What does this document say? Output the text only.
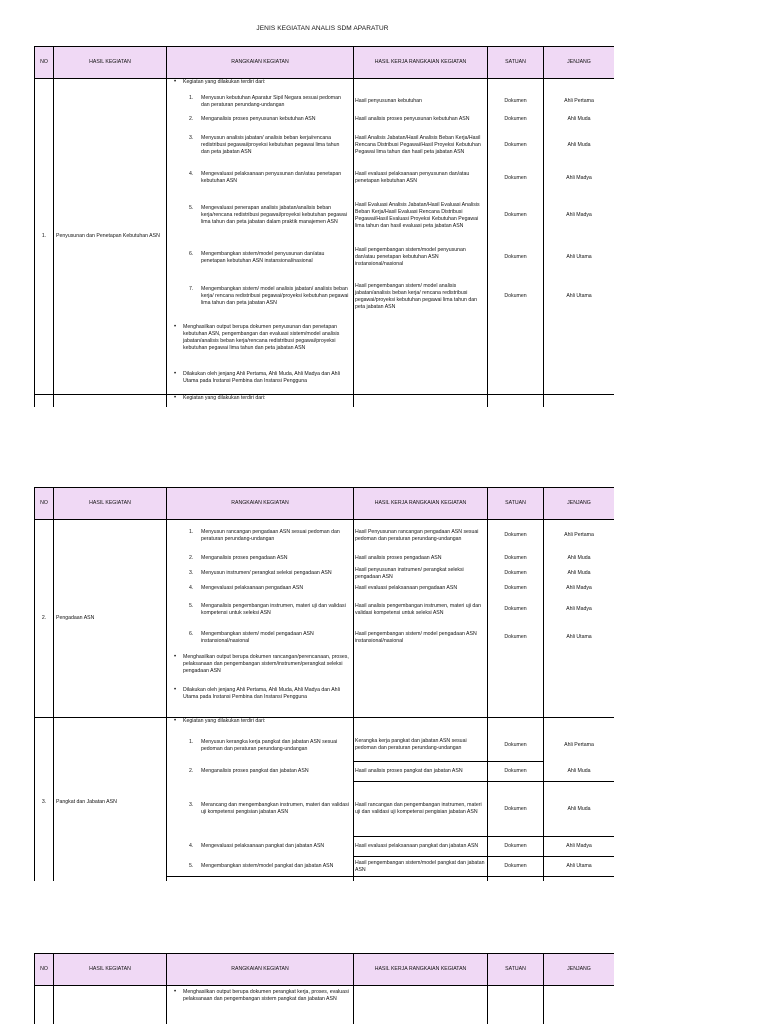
JENIS KEGIATAN ANALIS SDM APARATUR
NO	HASIL KEGIATAN	RANGKAIAN KEGIATAN	HASIL KERJA RANGKAIAN KEGIATAN	SATUAN	JENJANG
1.	Penyusunan dan Penetapan Kebutuhan ASN	• Kegiatan yang dilakukan terdiri dari:

		1. Menyusun kebutuhan Aparatur Sipil Negara sesuai pedoman dan peraturan perundang-undangan	Hasil penyusunan kebutuhan	Dokumen	Ahli Pertama

		2. Menganalisis proses penyusunan kebutuhan ASN	Hasil analisis proses penyusunan kebutuhan ASN	Dokumen	Ahli Muda

		3. Menyusun analisis jabatan/ analisis beban kerja/rencana redistribusi pegawai/proyeksi kebutuhan pegawai lima tahun dan peta jabatan ASN	Hasil Analisis Jabatan/Hasil Analisis Beban Kerja/Hasil Rencana Distribusi Pegawai/Hasil Proyeksi Kebutuhan Pegawai lima tahun dan hasil peta jabatan ASN	Dokumen	Ahli Muda

		4. Mengevaluasi pelaksanaan penyusunan dan/atau penetapan kebutuhan ASN	Hasil evaluasi pelaksanaan penyusunan dan/atau penetapan kebutuhan ASN	Dokumen	Ahli Madya

		5. Mengevaluasi penerapan analisis jabatan/analisis beban kerja/rencana redistribusi pegawai/proyeksi kebutuhan pegawai lima tahun dan peta jabatan dalam praktik manajemen ASN	Hasil Evaluasi Analisis Jabatan/Hasil Evaluasi Analisis Beban Kerja/Hasil Evaluasi Rencana Distribusi Pegawai/Hasil Evaluasi Proyeksi Kebutuhan Pegawai lima tahun dan hasil evaluasi peta jabatan ASN	Dokumen	Ahli Madya

		6. Mengembangkan sistem/model penyusunan dan/atau penetapan kebutuhan ASN instansional/nasional	Hasil pengembangan sistem/model penyusunan dan/atau penetapan kebutuhan ASN instansional/nasional	Dokumen	Ahli Utama

		7. Mengembangkan sistem/ model analisis jabatan/ analisis beban kerja/ rencana redistribusi pegawai/proyeksi kebutuhan pegawai lima tahun dan peta jabatan ASN	Hasil pengembangan sistem/ model analisis jabatan/analisis beban kerja/ rencana redistribusi pegawai/proyeksi kebutuhan pegawai lima tahun dan peta jabatan ASN	Dokumen	Ahli Utama

		• Menghasilkan output berupa dokumen penyusunan dan penetapan kebutuhan ASN, pengembangan dan evaluasi sistem/model analisis jabatan/analisis beban kerja/rencana redistribusi pegawai/proyeksi kebutuhan pegawai lima tahun dan peta jabatan ASN

		• Dilakukan oleh jenjang Ahli Pertama, Ahli Muda, Ahli Madya dan Ahli Utama pada Instansi Pembina dan Instansi Pengguna

		• Kegiatan yang dilakukan terdiri dari:

NO	HASIL KEGIATAN	RANGKAIAN KEGIATAN	HASIL KERJA RANGKAIAN KEGIATAN	SATUAN	JENJANG
2.	Pengadaan ASN	1. Menyusun rancangan pengadaan ASN sesuai pedoman dan peraturan perundang-undangan	Hasil Penyusunan rancangan pengadaan ASN sesuai pedoman dan peraturan perundang-undangan	Dokumen	Ahli Pertama

		2. Menganalisis proses pengadaan ASN	Hasil analisis proses pengadaan ASN	Dokumen	Ahli Muda

		3. Menyusun instrumen/ perangkat seleksi pengadaan ASN	Hasil penyusunan instrumen/ perangkat seleksi pengadaan ASN	Dokumen	Ahli Muda

		4. Mengevaluasi pelaksanaan pengadaan ASN	Hasil evaluasi pelaksanaan pengadaan ASN	Dokumen	Ahli Madya

		5. Menganalisis pengembangan instrumen, materi uji dan validasi kompetensi untuk seleksi ASN	Hasil analisis pengembangan instrumen, materi uji dan validasi kompetensi untuk seleksi ASN	Dokumen	Ahli Madya

		6. Mengembangkan sistem/ model pengadaan ASN instansional/nasional	Hasil pengembangan sistem/ model pengadaan ASN instansional/nasional	Dokumen	Ahli Utama

		• Menghasilkan output berupa dokumen rancangan/perencanaan, proses, pelaksanaan dan pengembangan sistem/instrumen/perangkat seleksi pengadaan ASN

		• Dilakukan oleh jenjang Ahli Pertama, Ahli Muda, Ahli Madya dan Ahli Utama pada Instansi Pembina dan Instansi Pengguna

3.	Pangkat dan Jabatan ASN	• Kegiatan yang dilakukan terdiri dari:

		1. Menyusun kerangka kerja pangkat dan jabatan ASN sesuai pedoman dan peraturan perundang-undangan	Kerangka kerja pangkat dan jabatan ASN sesuai pedoman dan peraturan perundang-undangan	Dokumen	Ahli Pertama

		2. Menganalisis proses pangkat dan jabatan ASN	Hasil analisis proses pangkat dan jabatan ASN	Dokumen	Ahli Muda

		3. Merancang dan mengembangkan instrumen, materi dan validasi uji kompetensi pengisian jabatan ASN	Hasil rancangan dan pengembangan instrumen, materi uji dan validasi uji kompetensi pengisian jabatan ASN	Dokumen	Ahli Muda

		4. Mengevaluasi pelaksanaan pangkat dan jabatan ASN	Hasil evaluasi pelaksanaan pangkat dan jabatan ASN	Dokumen	Ahli Madya

		5. Mengembangkan sistem/model pangkat dan jabatan ASN	Hasil pengembangan sistem/model pangkat dan jabatan ASN	Dokumen	Ahli Utama

NO	HASIL KEGIATAN	RANGKAIAN KEGIATAN	HASIL KERJA RANGKAIAN KEGIATAN	SATUAN	JENJANG

		• Menghasilkan output berupa dokumen perangkat kerja, proses, evaluasi pelaksanaan dan pengembangan sistem pangkat dan jabatan ASN
